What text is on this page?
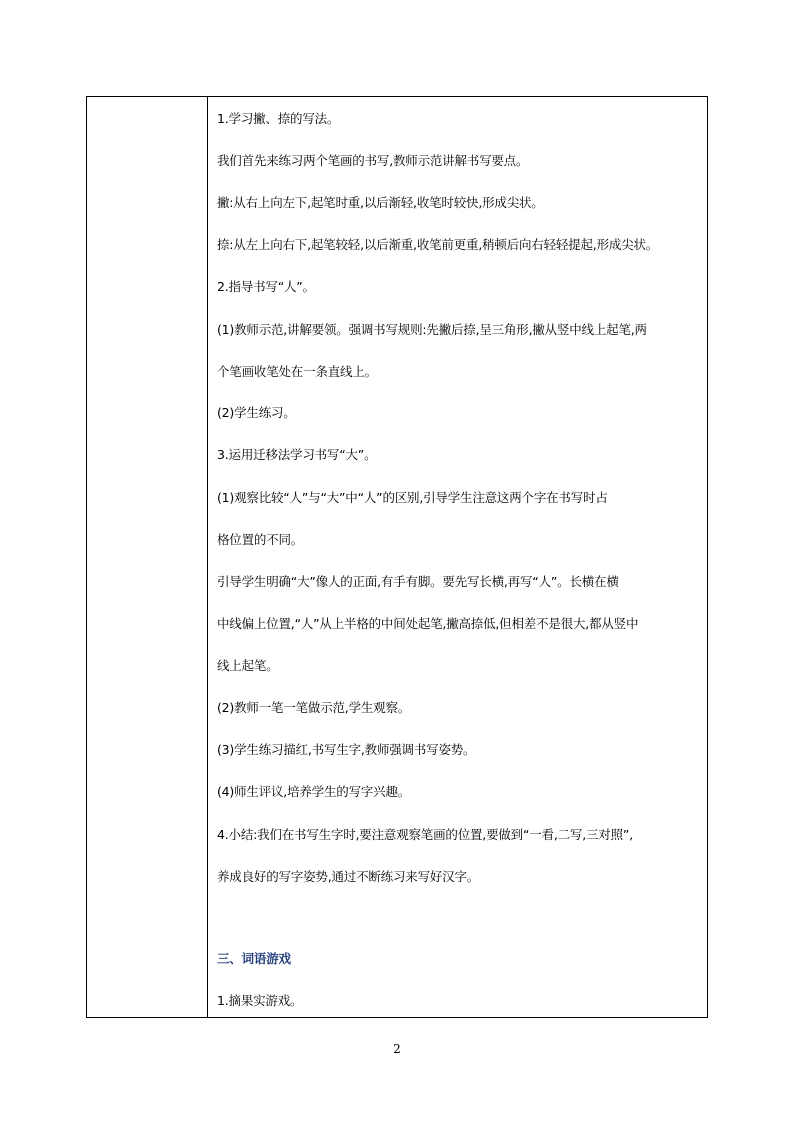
1.学习撇、捺的写法。
我们首先来练习两个笔画的书写,教师示范讲解书写要点。
撇:从右上向左下,起笔时重,以后渐轻,收笔时较快,形成尖状。
捺:从左上向右下,起笔较轻,以后渐重,收笔前更重,稍顿后向右轻轻提起,形成尖状。
2.指导书写“人”。
(1)教师示范,讲解要领。强调书写规则:先撇后捺,呈三角形,撇从竖中线上起笔,两
个笔画收笔处在一条直线上。
(2)学生练习。
3.运用迁移法学习书写“大”。
(1)观察比较“人”与“大”中“人”的区别,引导学生注意这两个字在书写时占
格位置的不同。
引导学生明确“大”像人的正面,有手有脚。要先写长横,再写“人”。长横在横
中线偏上位置,“人”从上半格的中间处起笔,撇高捺低,但相差不是很大,都从竖中
线上起笔。
(2)教师一笔一笔做示范,学生观察。
(3)学生练习描红,书写生字,教师强调书写姿势。
(4)师生评议,培养学生的写字兴趣。
4.小结:我们在书写生字时,要注意观察笔画的位置,要做到“一看,二写,三对照”,
养成良好的写字姿势,通过不断练习来写好汉字。
三、词语游戏
1.摘果实游戏。
2
